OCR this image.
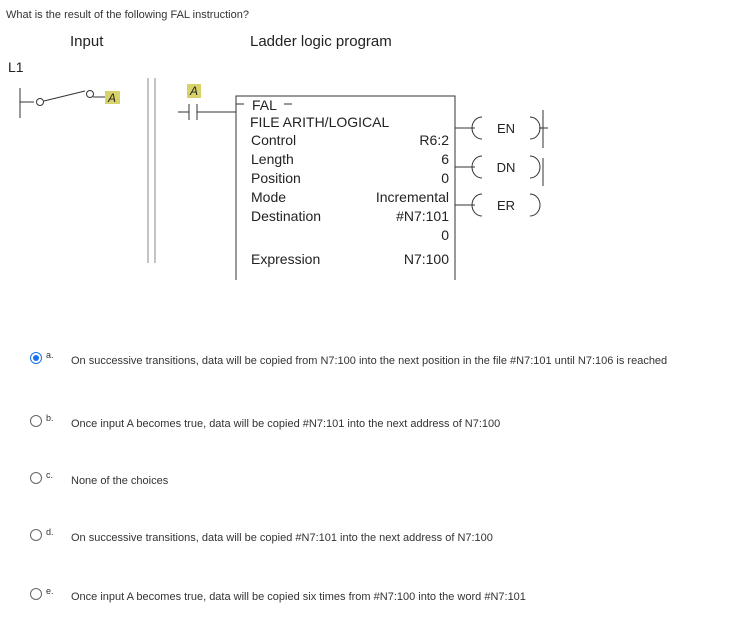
What is the result of the following FAL instruction?
Input	Ladder logic program
L1
A	A
FAL
FILE ARITH/LOGICAL
Control	R6:2
Length	6
Position	0
Mode	Incremental
Destination	#N7:101
0
Expression	N7:100
EN
DN
ER
a. On successive transitions, data will be copied from N7:100 into the next position in the file #N7:101 until N7:106 is reached
b. Once input A becomes true, data will be copied #N7:101 into the next address of N7:100
c. None of the choices
d. On successive transitions, data will be copied #N7:101 into the next address of N7:100
e. Once input A becomes true, data will be copied six times from #N7:100 into the word #N7:101
